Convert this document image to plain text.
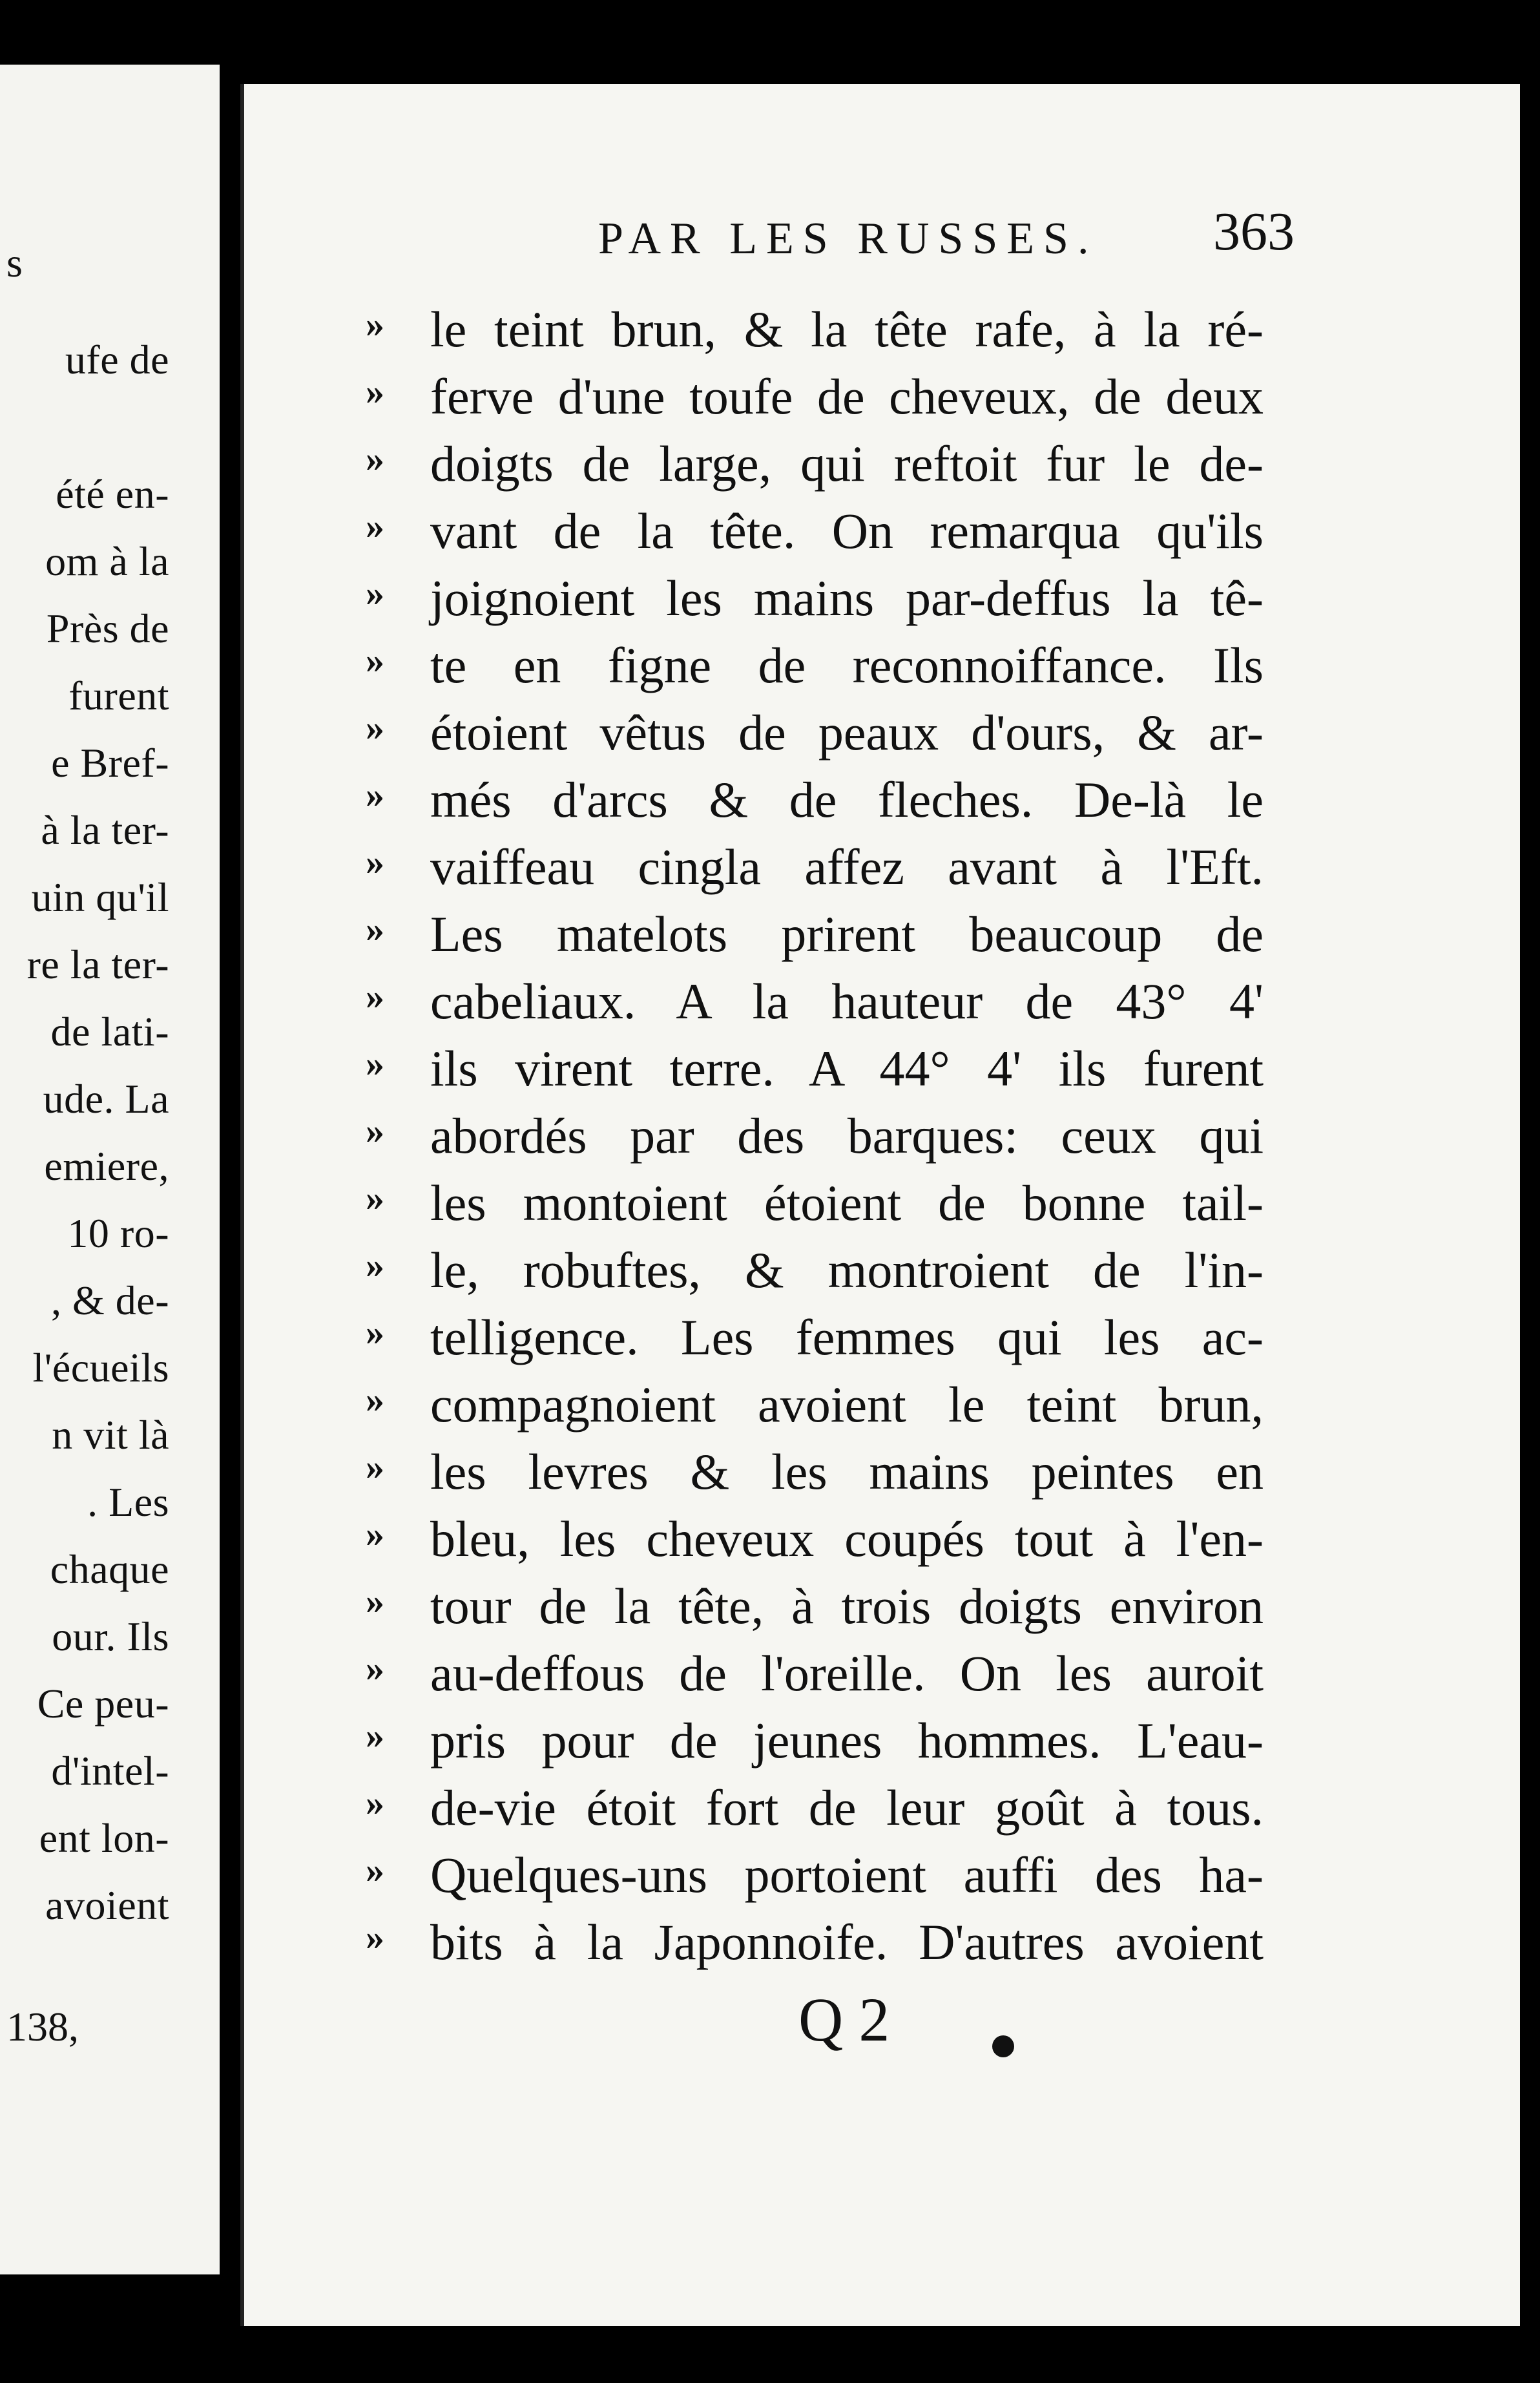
s
ufe de
été en-
om à la
Près de
furent
e Bref-
à la ter-
uin qu'il
re la ter-
de lati-
ude. La
emiere,
10 ro-
, & de-
l'écueils
n vit là
. Les
chaque
our. Ils
Ce peu-
d'intel-
ent lon-
avoient
138,
PAR LES RUSSES. 363
» le teint brun, & la tête rafe, à la ré-
» ferve d'une toufe de cheveux, de deux
» doigts de large, qui reftoit fur le de-
» vant de la tête. On remarqua qu'ils
» joignoient les mains par-deffus la tê-
» te en figne de reconnoiffance. Ils
» étoient vêtus de peaux d'ours, & ar-
» més d'arcs & de fleches. De-là le
» vaiffeau cingla affez avant à l'Eft.
» Les matelots prirent beaucoup de
» cabeliaux. A la hauteur de 43° 4'
» ils virent terre. A 44° 4' ils furent
» abordés par des barques: ceux qui
» les montoient étoient de bonne tail-
» le, robuftes, & montroient de l'in-
» telligence. Les femmes qui les ac-
» compagnoient avoient le teint brun,
» les levres & les mains peintes en
» bleu, les cheveux coupés tout à l'en-
» tour de la tête, à trois doigts environ
» au-deffous de l'oreille. On les auroit
» pris pour de jeunes hommes. L'eau-
» de-vie étoit fort de leur goût à tous.
» Quelques-uns portoient auffi des ha-
» bits à la Japonnoife. D'autres avoient
Q 2
